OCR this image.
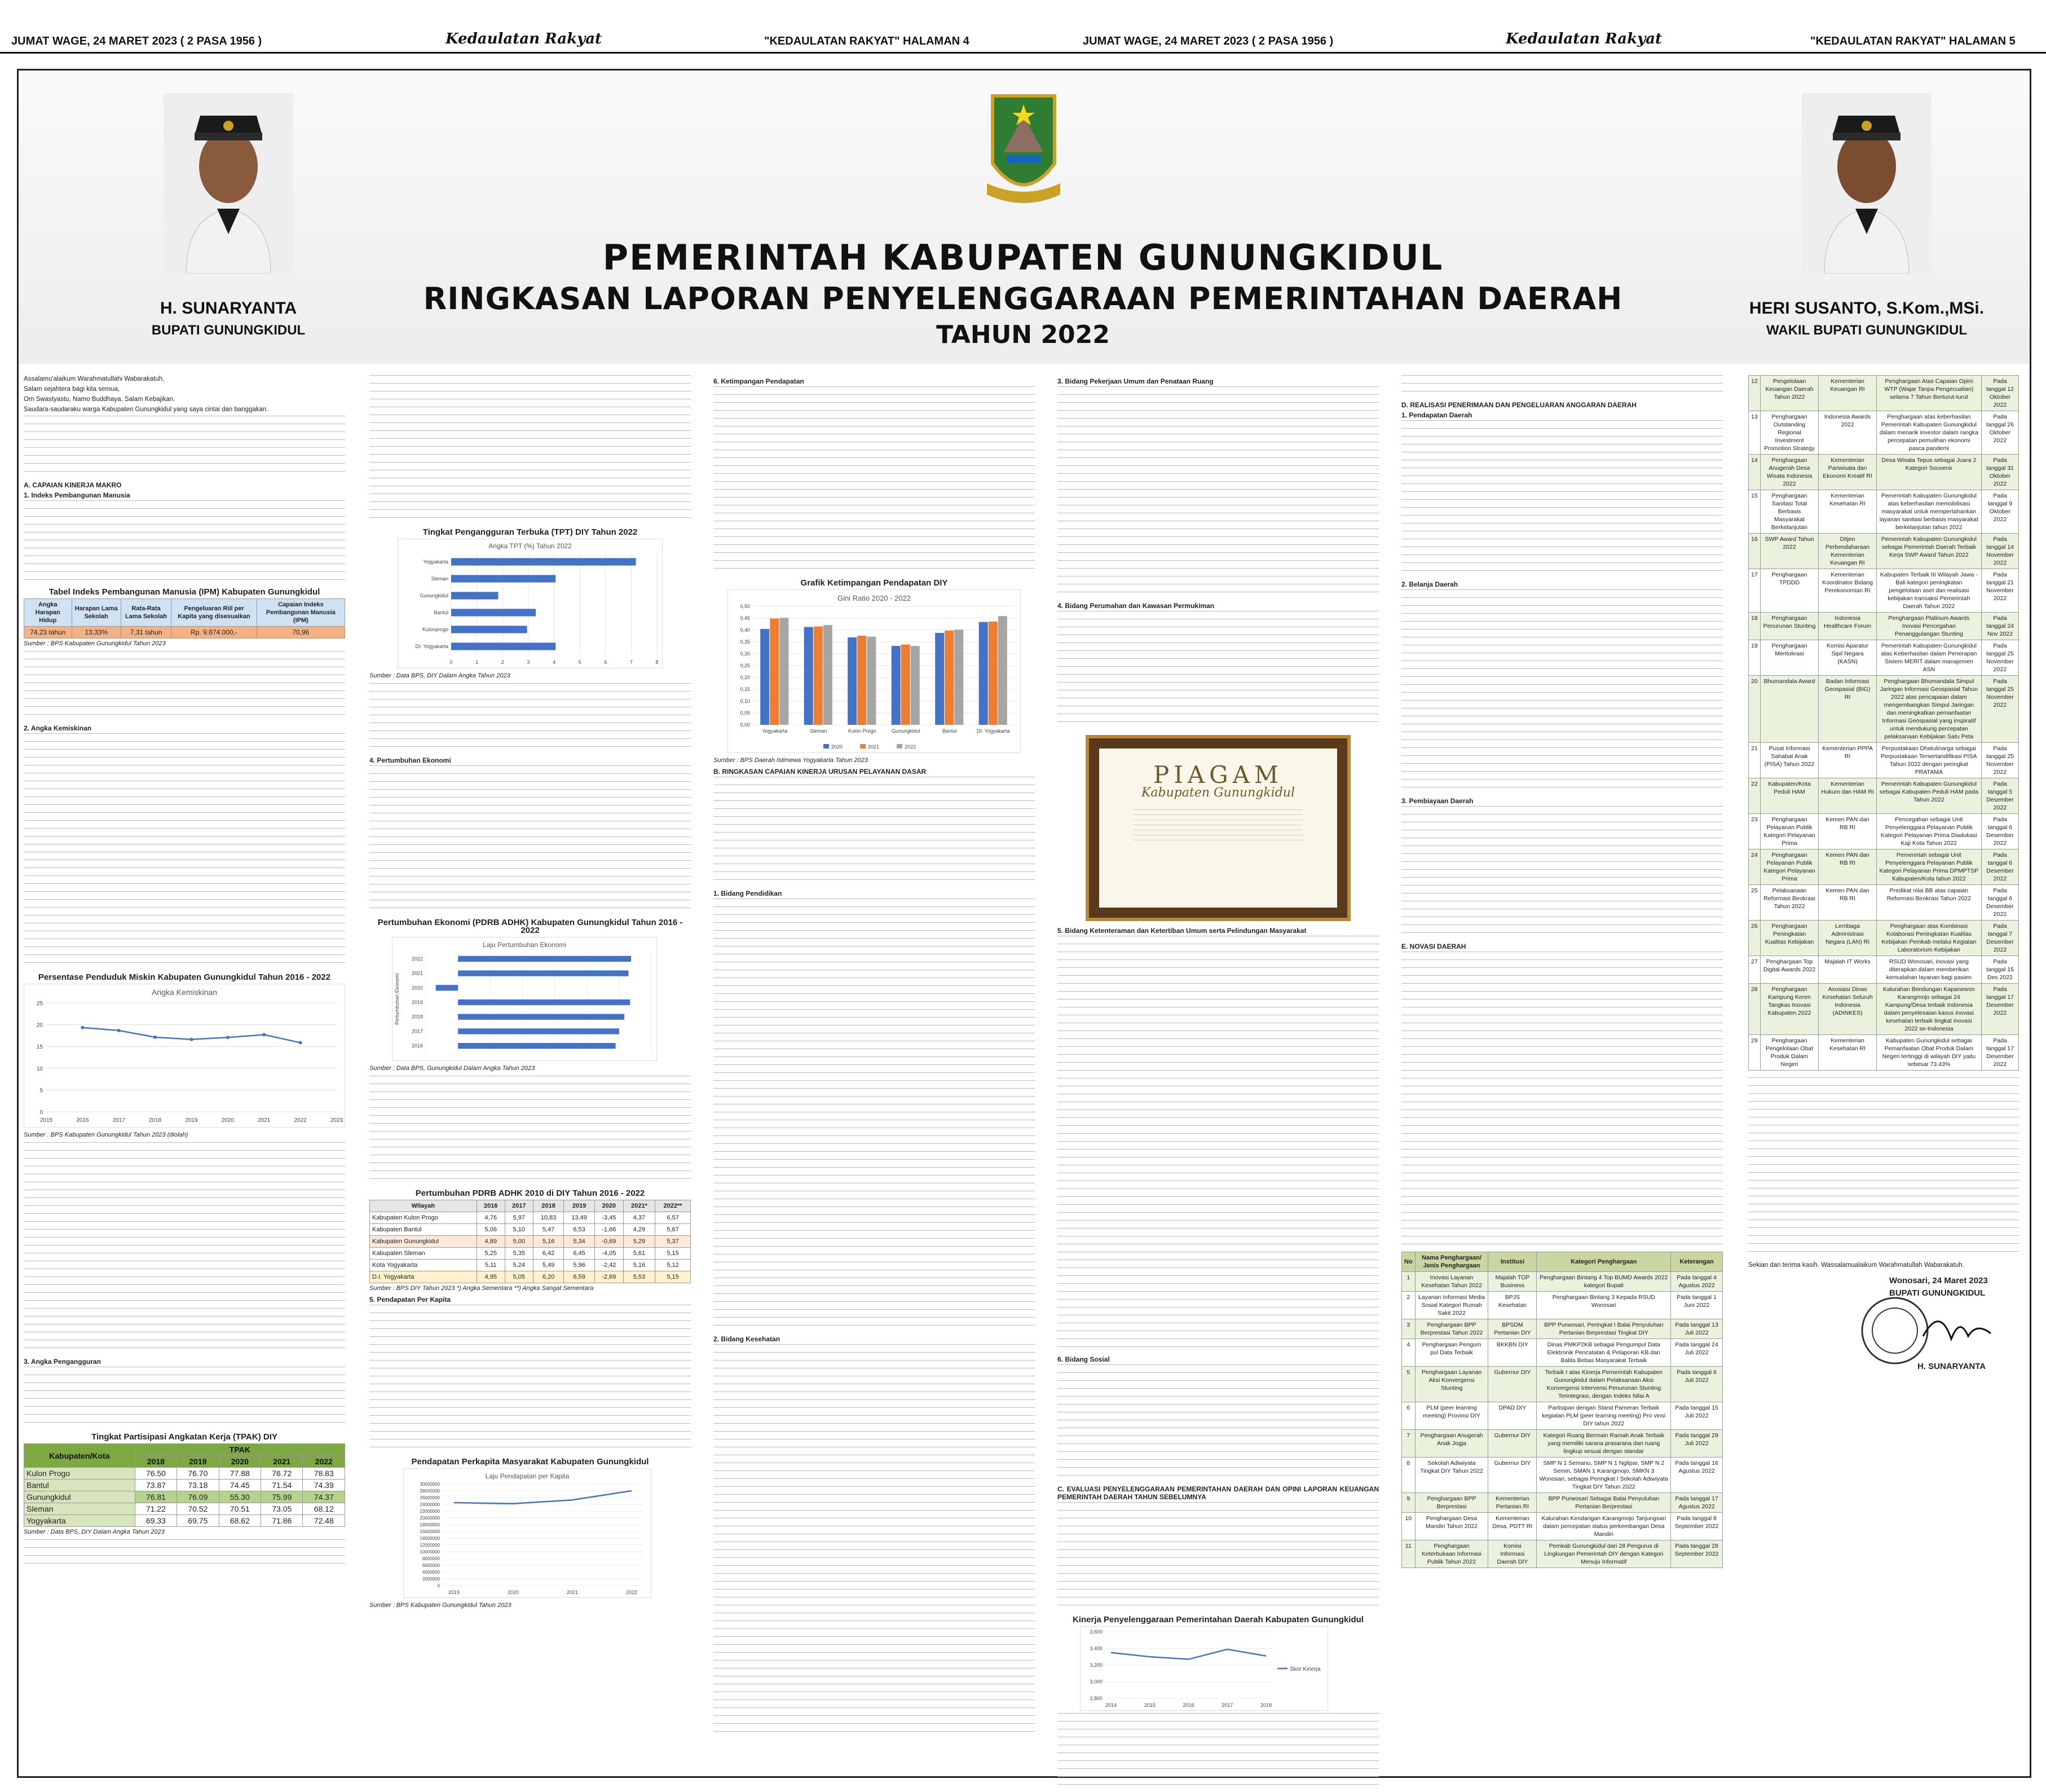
JUMAT WAGE, 24 MARET 2023 ( 2 PASA 1956 )	Kedaulatan Rakyat	"KEDAULATAN RAKYAT" HALAMAN 4	JUMAT WAGE, 24 MARET 2023 ( 2 PASA 1956 )	Kedaulatan Rakyat	"KEDAULATAN RAKYAT" HALAMAN 5
H. SUNARYANTA
BUPATI GUNUNGKIDUL
HERI SUSANTO, S.Kom.,MSi.
WAKIL BUPATI GUNUNGKIDUL
PEMERINTAH KABUPATEN GUNUNGKIDUL
RINGKASAN LAPORAN PENYELENGGARAAN PEMERINTAHAN DAERAH
TAHUN 2022

Assalamu'alaikum Warahmatullahi Wabarakatuh,

Salam sejahtera bagi kita semua,

Om Swastyastu, Namo Buddhaya, Salam Kebajikan.

Saudara-saudaraku warga Kabupaten Gunungkidul yang saya cintai dan banggakan.

A. CAPAIAN KINERJA MAKRO
1. Indeks Pembangunan Manusia
Tabel Indeks Pembangunan Manusia (IPM) Kabupaten Gunungkidul
Angka Harapan Hidup	Harapan Lama Sekolah	Rata-Rata Lama Sekolah	Pengeluaran Riil per Kapita yang disesuaikan	Capaian Indeks Pembangunan Manusia (IPM)
74,23 tahun	13,33%	7,31 tahun	Rp. 9.874.000,-	70,96
Sumber : BPS Kabupaten Gunungkidul Tahun 2023
2. Angka Kemiskinan
Persentase Penduduk Miskin Kabupaten Gunungkidul Tahun 2016 - 2022
Angka Kemiskinan
0
5
10
15
20
25
2015	2016	2017	2018	2019	2020	2021	2022	2023
Sumber : BPS Kabupaten Gunungkidul Tahun 2023 (diolah)
3. Angka Pengangguran
Tingkat Partisipasi Angkatan Kerja (TPAK) DIY
Kabupaten/Kota	TPAK				
	2018	2019	2020	2021	2022
Kulon Progo	76.50	76.70	77.88	76.72	78.83
Bantul	73.87	73.18	74.45	71.54	74.39
Gunungkidul	76.81	76.09	55.30	75.99	74.37
Sleman	71.22	70.52	70.51	73.05	68.12
Yogyakarta	69.33	69.75	68.62	71.86	72.48
Sumber : Data BPS, DIY Dalam Angka Tahun 2023
Tingkat Pengangguran Terbuka (TPT) DIY Tahun 2022
Angka TPT (%) Tahun 2022
0	1	2	3	4	5	6	7	8
Yogyakarta
Sleman
Gunungkidul
Bantul
Kulonprogo
DI. Yogyakarta
Sumber : Data BPS, DIY Dalam Angka Tahun 2023
4. Pertumbuhan Ekonomi
Pertumbuhan Ekonomi (PDRB ADHK) Kabupaten Gunungkidul Tahun 2016 - 2022
Laju Pertumbuhan Ekonomi
Pertumbuhan Ekonomi
2022
2021
2020
2019
2018
2017
2016
Sumber : Data BPS, Gunungkidul Dalam Angka Tahun 2023
Pertumbuhan PDRB ADHK 2010 di DIY Tahun 2016 - 2022
Wilayah	2016	2017	2018	2019	2020	2021*	2022**
Kabupaten Kulon Progo	4,76	5,97	10,83	13,49	-3,45	4,37	6,57
Kabupaten Bantul	5,06	5,10	5,47	6,53	-1,66	4,29	5,67
Kabupaten Gunungkidul	4,89	5,00	5,16	5,34	-0,69	5,29	5,37
Kabupaten Sleman	5,25	5,35	6,42	6,45	-4,05	5,61	5,15
Kota Yogyakarta	5,11	5,24	5,49	5,96	-2,42	5,16	5,12
D.I. Yogyakarta	4,95	5,05	6,20	6,59	-2,69	5,53	5,15
Sumber : BPS DIY Tahun 2023 *) Angka Sementara **) Angka Sangat Sementara
5. Pendapatan Per Kapita
Pendapatan Perkapita Masyarakat Kabupaten Gunungkidul
Laju Pendapatan per Kapita
0
2000000
4000000
6000000
8000000
10000000
12000000
14000000
16000000
18000000
20000000
22000000
24000000
26000000
28000000
30000000
2019	2020	2021	2022
Sumber : BPS Kabupaten Gunungkidul Tahun 2023
6. Ketimpangan Pendapatan
Grafik Ketimpangan Pendapatan DIY
Gini Ratio 2020 - 2022
0,00
0,05
0,10
0,15
0,20
0,25
0,30
0,35
0,40
0,45
0,50
Yogyakarta	Sleman	Kulon Progo	Gunungkidul	Bantul	DI. Yogyakarta
2020	2021	2022
Sumber : BPS Daerah Istimewa Yogyakarta Tahun 2023
B. RINGKASAN CAPAIAN KINERJA URUSAN PELAYANAN DASAR
1. Bidang Pendidikan
2. Bidang Kesehatan
3. Bidang Pekerjaan Umum dan Penataan Ruang
4. Bidang Perumahan dan Kawasan Permukiman
PIAGAM
Kabupaten Gunungkidul
5. Bidang Ketenteraman dan Ketertiban Umum serta Pelindungan Masyarakat
6. Bidang Sosial
C. EVALUASI PENYELENGGARAAN PEMERINTAHAN DAERAH DAN OPINI LAPORAN KEUANGAN PEMERINTAH DAERAH TAHUN SEBELUMNYA
Kinerja Penyelenggaraan Pemerintahan Daerah Kabupaten Gunungkidul
2,800
3,000
3,200
3,400
3,600
2014	2015	2016	2017	2018
Skor Kinerja
D. REALISASI PENERIMAAN DAN PENGELUARAN ANGGARAN DAERAH
1. Pendapatan Daerah
2. Belanja Daerah
3. Pembiayaan Daerah
E. NOVASI DAERAH
No	Nama Penghargaan/ Jenis Penghargaan	Institusi	Kategori Penghargaan	Keterangan
1	Inovasi Layanan Kesehatan Tahun 2022	Majalah TOP Business	Penghargaan Bintang 4 Top BUMD Awards 2022 kategori Bupati	Pada tanggal 4 Agustus 2022
2	Layanan Informasi Media Sosial Kategori Rumah Sakit 2022	BPJS Kesehatan	Penghargaan Bintang 3 Kepada RSUD Wonosari	Pada tanggal 1 Juni 2022
3	Penghargaan BPP Berprestasi Tahun 2022	BPSDM Pertanian DIY	BPP Purwosari, Peringkat I Balai Penyuluhan Pertanian Berprestasi Tingkat DIY	Pada tanggal 13 Juli 2022
4	Penghargaan Pengum pul Data Terbaik	BKKBN DIY	Dinas PMKP2KB sebagai Pengumpul Data Elektronik Pencatatan & Pelaporan KB dan Balita Bebas Masyarakat Terbaik	Pada tanggal 24 Juli 2022
5	Penghargaan Layanan Aksi Konvergensi Stunting	Gubernur DIY	Terbaik I atas Kinerja Pemerintah Kabupaten Gunungkidul dalam Pelaksanaan Aksi Konvergensi Intervensi Penurunan Stunting Terintegrasi, dengan Indeks Nilai A	Pada tanggal 6 Juli 2022
6	PLM (peer learning meeting) Provinsi DIY	DPAD DIY	Partisipan dengan Stand Pameran Terbaik kegiatan PLM (peer learning meeting) Pro vinsi DIY tahun 2022	Pada tanggal 15 Juli 2022
7	Penghargaan Anugerah Anak Jogja	Gubernur DIY	Kategori Ruang Bermain Ramah Anak Terbaik yang memiliki sarana prasarana dan ruang lingkup sesuai dengan standar	Pada tanggal 29 Juli 2022
8	Sekolah Adiwiyata Tingkat DIY Tahun 2022	Gubernur DIY	SMP N 1 Semanu, SMP N 1 Nglipar, SMP N 2 Semin, SMAN 1 Karangmojo, SMKN 3 Wonosari, sebagai Peringkat I Sekolah Adiwiyata Tingkat DIY Tahun 2022	Pada tanggal 16 Agustus 2022
9	Penghargaan BPP Berprestasi	Kementerian Pertanian RI	BPP Purwosari Sebagai Balai Penyuluhan Pertanian Berprestasi	Pada tanggal 17 Agustus 2022
10	Penghargaan Desa Mandiri Tahun 2022	Kementerian Desa, PDTT RI	Kalurahan Kendangan Karangmojo Tanjungsari dalam percepatan status perkembangan Desa Mandiri	Pada tanggal 8 September 2022
11	Penghargaan Keterbukaan Informasi Publik Tahun 2022	Komisi Informasi Daerah DIY	Pemkab Gunungkidul dari 28 Pengurus di Lingkungan Pemerintah DIY dengan Kategori Menuju Informatif	Pada tanggal 28 September 2022
12	Pengelolaan Keuangan Daerah Tahun 2022	Kementerian Keuangan RI	Penghargaan Atas Capaian Opini WTP (Wajar Tanpa Pengecualian) selama 7 Tahun Berturut-turut	Pada tanggal 12 Oktober 2022
13	Penghargaan Outstanding Regional Investment Promotion Strategy	Indonesia Awards 2022	Penghargaan atas keberhasilan Pemerintah Kabupaten Gunungkidul dalam menarik investor dalam rangka percepatan pemulihan ekonomi pasca pandemi	Pada tanggal 26 Oktober 2022
14	Penghargaan Anugerah Desa Wisata Indonesia 2022	Kementerian Pariwisata dan Ekonomi Kreatif RI	Desa Wisata Tepus sebagai Juara 2 Kategori Souvenir	Pada tanggal 31 Oktober 2022
15	Penghargaan Sanitasi Total Berbasis Masyarakat Berkelanjutan	Kementerian Kesehatan RI	Pemerintah Kabupaten Gunungkidul atas keberhasilan memobilisasi masyarakat untuk mempertahankan layanan sanitasi berbasis masyarakat berkelanjutan tahun 2022	Pada tanggal 9 Oktober 2022
16	SWP Award Tahun 2022	Ditjen Perbendaharaan Kementerian Keuangan RI	Pemerintah Kabupaten Gunungkidul sebagai Pemerintah Daerah Terbaik Kerja SWP Award Tahun 2022	Pada tanggal 14 November 2022
17	Penghargaan TPDDD	Kementerian Koordinator Bidang Perekonomian RI	Kabupaten Terbaik III Wilayah Jawa - Bali kategori peningkatan pengelolaan aset dan realisasi kebijakan transaksi Pemerintah Daerah Tahun 2022	Pada tanggal 21 November 2022
18	Penghargaan Penurunan Stunting	Indonesia Healthcare Forum	Penghargaan Platinum Awards Inovasi Pencegahan Penanggulangan Stunting	Pada tanggal 24 Nov 2022
19	Penghargaan Meritokrasi	Komisi Aparatur Sipil Negara (KASN)	Pemerintah Kabupaten Gunungkidul atas Keberhasilan dalam Penerapan Sistem MERIT dalam manajemen ASN	Pada tanggal 25 November 2022
20	Bhumandala Award	Badan Informasi Geospasial (BIG) RI	Penghargaan Bhumandala Simpul Jaringan Informasi Geospasial Tahun 2022 atas pencapaian dalam mengembangkan Simpul Jaringan dan meningkatkan pemanfaatan Informasi Geospasial yang inspiratif untuk mendukung percepatan pelaksanaan Kebijakan Satu Peta	Pada tanggal 25 November 2022
21	Pusat Informasi Sahabat Anak (PISA) Tahun 2022	Kementerian PPPA RI	Perpustakaan Dhatulinarga sebagai Perpustakaan Tersertandifikasi PISA Tahun 2022 dengan peringkat PRATAMA	Pada tanggal 25 November 2022
22	Kabupaten/Kota Peduli HAM	Kementerian Hukum dan HAM RI	Pemerintah Kabupaten Gunungkidul sebagai Kabupaten Peduli HAM pada Tahun 2022	Pada tanggal 5 Desember 2022
23	Penghargaan Pelayanan Publik Kategori Pelayanan Prima	Kemen PAN dan RB RI	Pencegahan sebagai Unit Penyelenggara Pelayanan Publik Kategori Pelayanan Prima Diadukasi Kaji Kota Tahun 2022	Pada tanggal 6 Desember 2022
24	Penghargaan Pelayanan Publik Kategori Pelayanan Prima	Kemen PAN dan RB RI	Pemerintah sebagai Unit Penyelenggara Pelayanan Publik Kategori Pelayanan Prima DPMPTSP Kabupaten/Kota tahun 2022	Pada tanggal 6 Desember 2022
25	Pelaksanaan Reformasi Birokrasi Tahun 2022	Kemen PAN dan RB RI	Predikat nilai BB atas capaian Reformasi Birokrasi Tahun 2022	Pada tanggal 6 Desember 2022
26	Penghargaan Peningkatan Kualitas Kebijakan	Lembaga Administrasi Negara (LAN) RI	Penghargaan atas Kombinasi Kolaborasi Peningkatan Kualitas Kebijakan Pemkab melalui Kegiatan Laboratorium Kebijakan	Pada tanggal 7 Desember 2022
27	Penghargaan Top Digital Awards 2022	Majalah IT Works	RSUD Wonosari, inovasi yang diterapkan dalam memberikan kemudahan layanan bagi pasien	Pada tanggal 15 Des 2022
28	Penghargaan Kampung Keren Tangkas Inovasi Kabupaten 2022	Asosiasi Dinas Kesehatan Seluruh Indonesia (ADINKES)	Kalurahan Bendungan Kapanewon Karangmojo sebagai 24 Kampung/Desa terbaik Indonesia dalam penyelesaian kasus inovasi kesehatan terbaik tingkat inovasi 2022 se-Indonesia	Pada tanggal 17 Desember 2022
29	Penghargaan Pengelolaan Obat Produk Dalam Negeri	Kementerian Kesehatan RI	Kabupaten Gunungkidul sebagai Pemanfaatan Obat Produk Dalam Negeri tertinggi di wilayah DIY yaitu sebesar 73.43%	Pada tanggal 17 Desember 2022

Sekian dan terima kasih. Wassalamualaikum Warahmatullah Wabarakatuh.

Wonosari, 24 Maret 2023
BUPATI GUNUNGKIDUL
H. SUNARYANTA
